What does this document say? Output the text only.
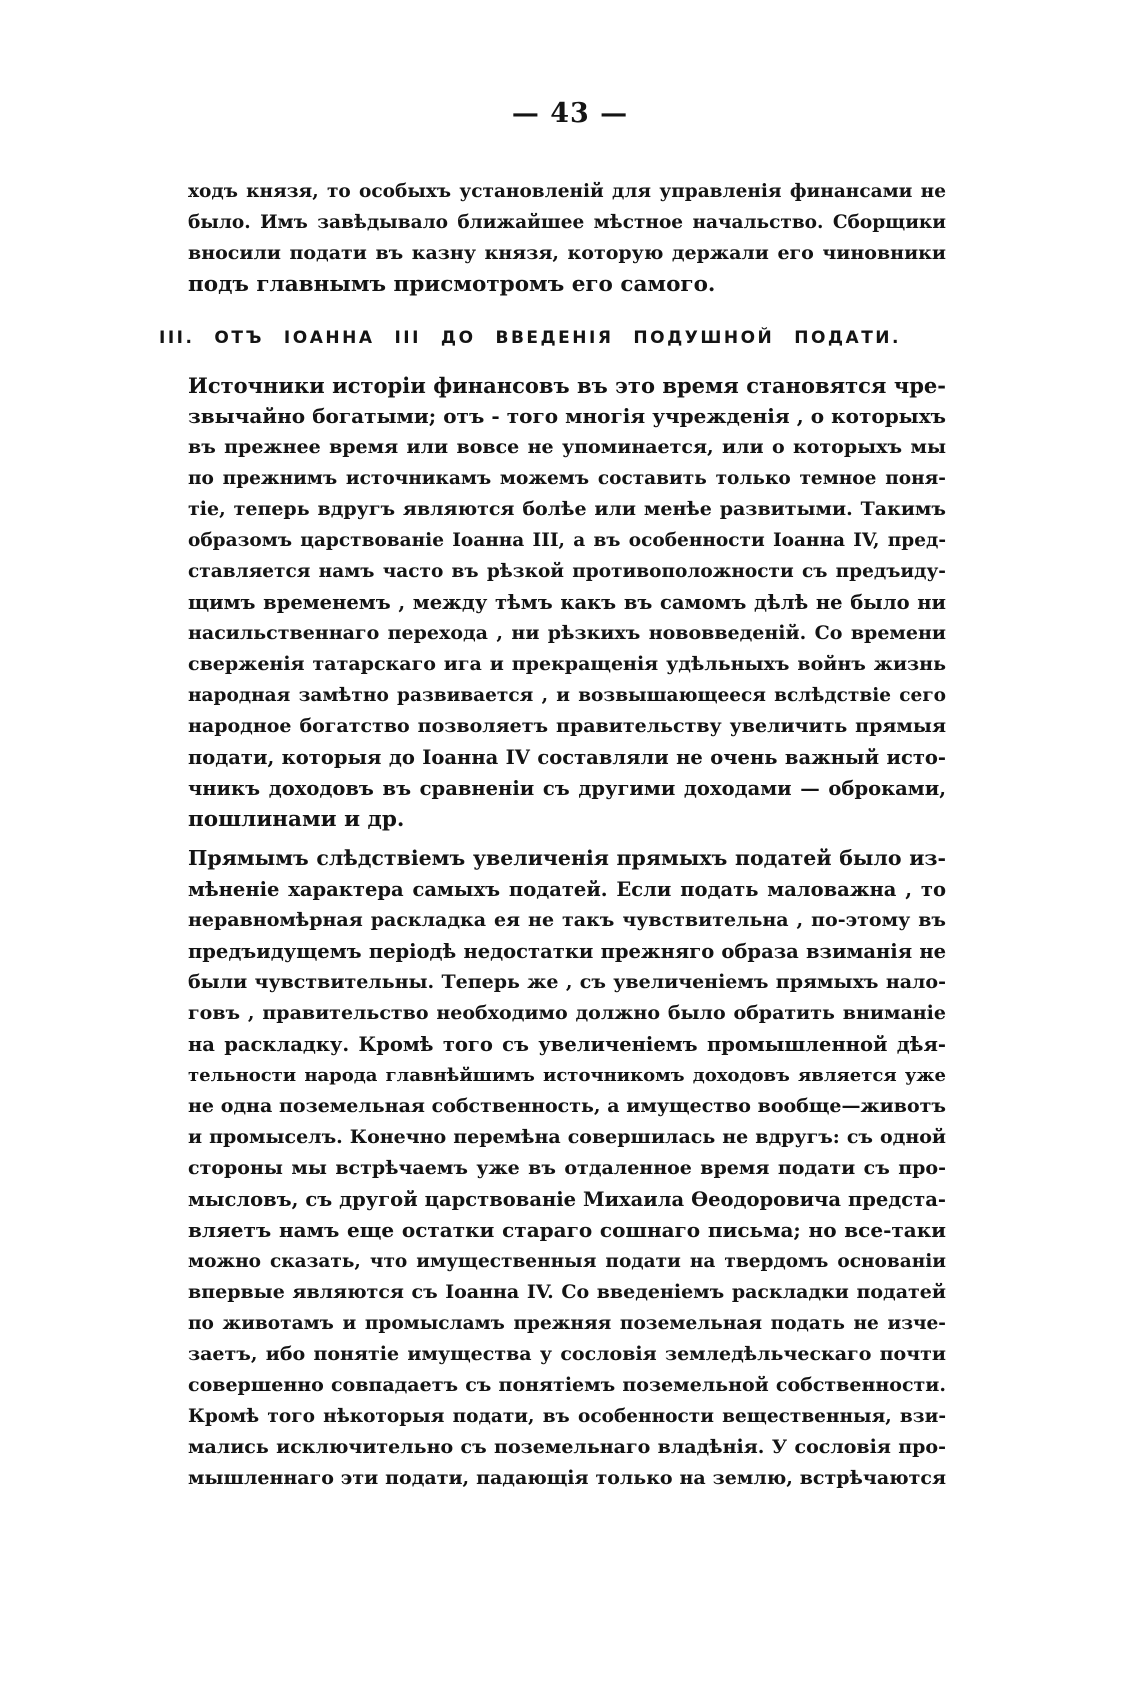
— 43 —
ходъ князя, то особыхъ установленій для управленія финансами не
было. Имъ завѣдывало ближайшее мѣстное начальство. Сборщики
вносили подати въ казну князя, которую держали его чиновники
подъ главнымъ присмотромъ его самого.
III. ОТЪ IОАННА III ДО ВВЕДЕНIЯ ПОДУШНОЙ ПОДАТИ.
Источники исторіи финансовъ въ это время становятся чре-
звычайно богатыми; отъ - того многія учрежденія , о которыхъ
въ прежнее время или вовсе не упоминается, или о которыхъ мы
по прежнимъ источникамъ можемъ составить только темное поня-
тіе, теперь вдругъ являются болѣе или менѣе развитыми. Такимъ
образомъ царствованіе Іоанна III, а въ особенности Іоанна IV, пред-
ставляется намъ часто въ рѣзкой противоположности съ предъиду-
щимъ временемъ , между тѣмъ какъ въ самомъ дѣлѣ не было ни
насильственнаго перехода , ни рѣзкихъ нововведеній. Со времени
сверженія татарскаго ига и прекращенія удѣльныхъ войнъ жизнь
народная замѣтно развивается , и возвышающееся вслѣдствіе сего
народное богатство позволяетъ правительству увеличить прямыя
подати, которыя до Іоанна IV составляли не очень важный исто-
чникъ доходовъ въ сравненіи съ другими доходами — оброками,
пошлинами и др.
Прямымъ слѣдствіемъ увеличенія прямыхъ податей было из-
мѣненіе характера самыхъ податей. Если подать маловажна , то
неравномѣрная раскладка ея не такъ чувствительна , по-этому въ
предъидущемъ періодѣ недостатки прежняго образа взиманія не
были чувствительны. Теперь же , съ увеличеніемъ прямыхъ нало-
говъ , правительство необходимо должно было обратить вниманіе
на раскладку. Кромѣ того съ увеличеніемъ промышленной дѣя-
тельности народа главнѣйшимъ источникомъ доходовъ является уже
не одна поземельная собственность, а имущество вообще—животъ
и промыселъ. Конечно перемѣна совершилась не вдругъ: съ одной
стороны мы встрѣчаемъ уже въ отдаленное время подати съ про-
мысловъ, съ другой царствованіе Михаила Ѳеодоровича предста-
вляетъ намъ еще остатки стараго сошнаго письма; но все-таки
можно сказать, что имущественныя подати на твердомъ основаніи
впервые являются съ Іоанна IV. Со введеніемъ раскладки податей
по животамъ и промысламъ прежняя поземельная подать не изче-
заетъ, ибо понятіе имущества у сословія земледѣльческаго почти
совершенно совпадаетъ съ понятіемъ поземельной собственности.
Кромѣ того нѣкоторыя подати, въ особенности вещественныя, взи-
мались исключительно съ поземельнаго владѣнія. У сословія про-
мышленнаго эти подати, падающія только на землю, встрѣчаются
